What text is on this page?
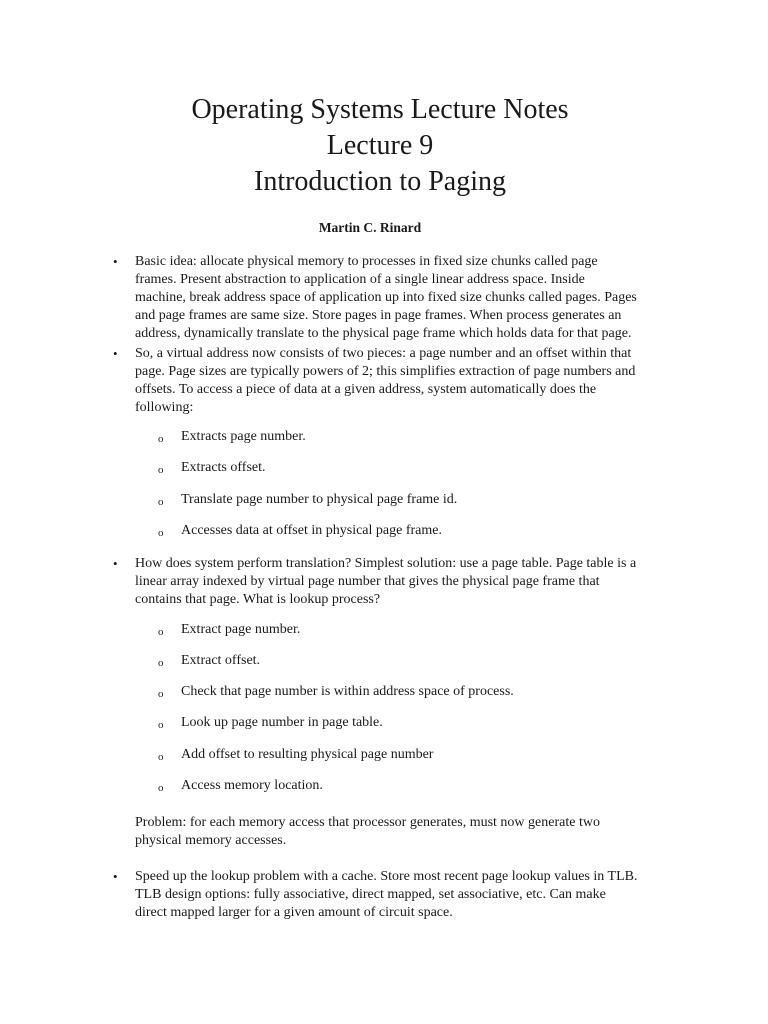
Operating Systems Lecture Notes
Lecture 9
Introduction to Paging
Martin C. Rinard
• Basic idea: allocate physical memory to processes in fixed size chunks called page
frames. Present abstraction to application of a single linear address space. Inside
machine, break address space of application up into fixed size chunks called pages. Pages
and page frames are same size. Store pages in page frames. When process generates an
address, dynamically translate to the physical page frame which holds data for that page.
• So, a virtual address now consists of two pieces: a page number and an offset within that
page. Page sizes are typically powers of 2; this simplifies extraction of page numbers and
offsets. To access a piece of data at a given address, system automatically does the
following:
o Extracts page number.
o Extracts offset.
o Translate page number to physical page frame id.
o Accesses data at offset in physical page frame.
• How does system perform translation? Simplest solution: use a page table. Page table is a
linear array indexed by virtual page number that gives the physical page frame that
contains that page. What is lookup process?
o Extract page number.
o Extract offset.
o Check that page number is within address space of process.
o Look up page number in page table.
o Add offset to resulting physical page number
o Access memory location.
Problem: for each memory access that processor generates, must now generate two
physical memory accesses.
• Speed up the lookup problem with a cache. Store most recent page lookup values in TLB.
TLB design options: fully associative, direct mapped, set associative, etc. Can make
direct mapped larger for a given amount of circuit space.
